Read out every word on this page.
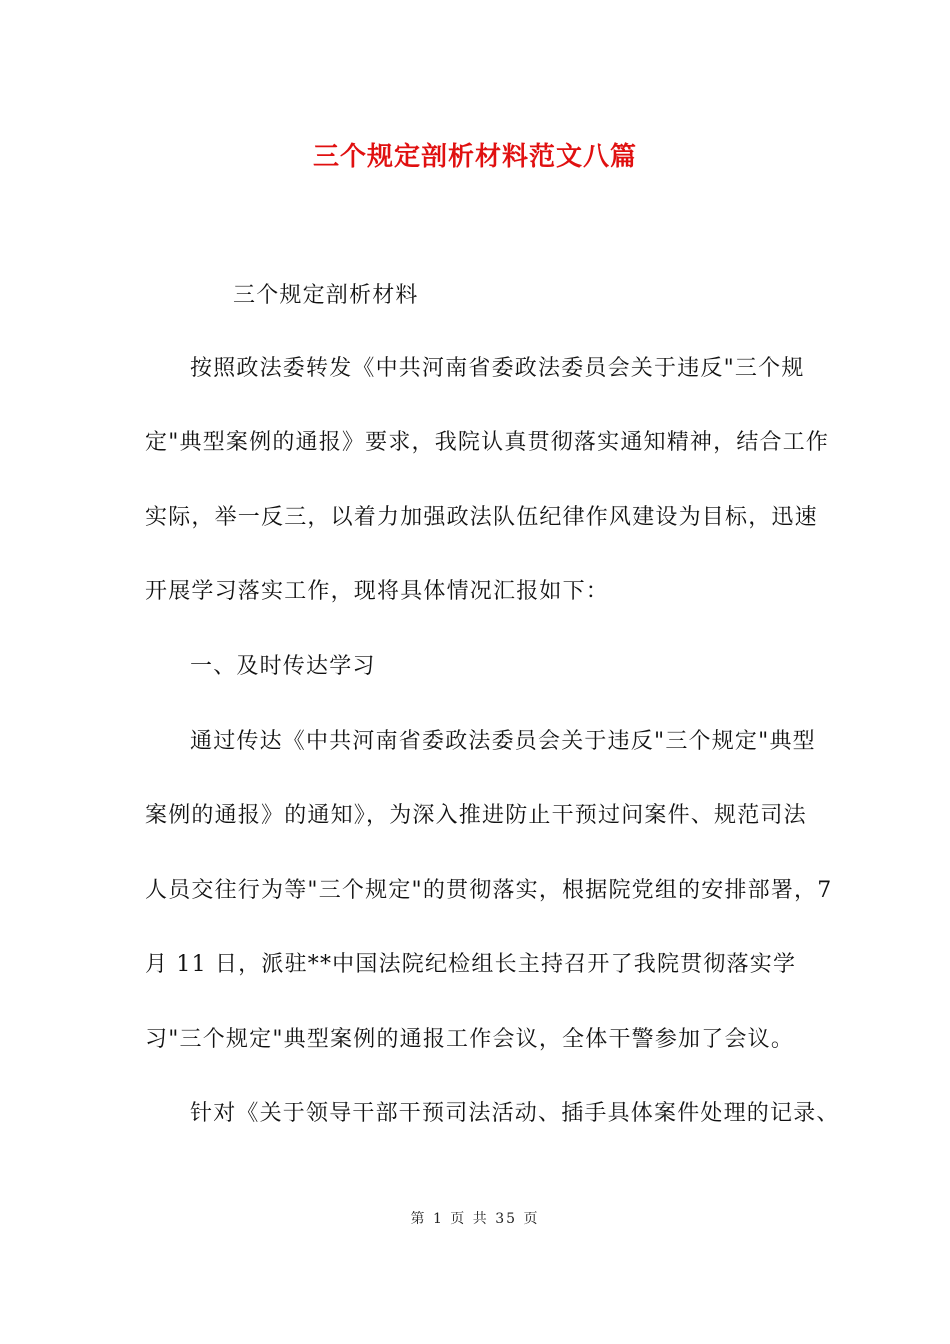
三个规定剖析材料范文八篇
三个规定剖析材料
按照政法委转发《中共河南省委政法委员会关于违反"三个规
定"典型案例的通报》要求，我院认真贯彻落实通知精神，结合工作
实际，举一反三，以着力加强政法队伍纪律作风建设为目标，迅速
开展学习落实工作，现将具体情况汇报如下：
一、及时传达学习
通过传达《中共河南省委政法委员会关于违反"三个规定"典型
案例的通报》的通知》，为深入推进防止干预过问案件、规范司法
人员交往行为等"三个规定"的贯彻落实，根据院党组的安排部署，7
月 11 日，派驻**中国法院纪检组长主持召开了我院贯彻落实学
习"三个规定"典型案例的通报工作会议，全体干警参加了会议。
针对《关于领导干部干预司法活动、插手具体案件处理的记录、
第 1 页 共 35 页
